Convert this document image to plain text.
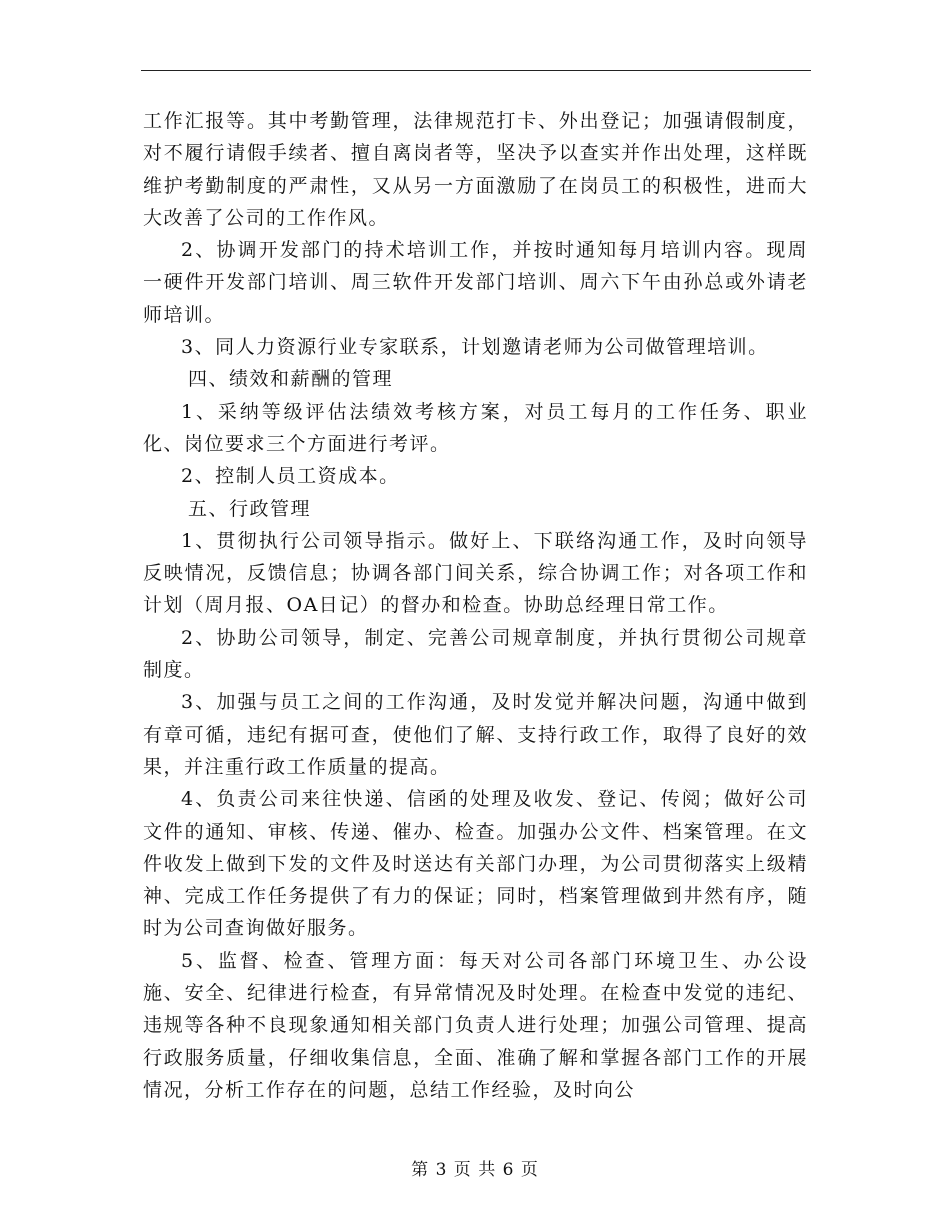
工作汇报等。其中考勤管理，法律规范打卡、外出登记；加强请假制度，对不履行请假手续者、擅自离岗者等，坚决予以查实并作出处理，这样既维护考勤制度的严肃性，又从另一方面激励了在岗员工的积极性，进而大大改善了公司的工作作风。

2、协调开发部门的持术培训工作，并按时通知每月培训内容。现周一硬件开发部门培训、周三软件开发部门培训、周六下午由孙总或外请老师培训。

3、同人力资源行业专家联系，计划邀请老师为公司做管理培训。

四、绩效和薪酬的管理

1、采纳等级评估法绩效考核方案，对员工每月的工作任务、职业化、岗位要求三个方面进行考评。

2、控制人员工资成本。

五、行政管理

1、贯彻执行公司领导指示。做好上、下联络沟通工作，及时向领导反映情况，反馈信息；协调各部门间关系，综合协调工作；对各项工作和计划（周月报、OA日记）的督办和检查。协助总经理日常工作。

2、协助公司领导，制定、完善公司规章制度，并执行贯彻公司规章制度。

3、加强与员工之间的工作沟通，及时发觉并解决问题，沟通中做到有章可循，违纪有据可查，使他们了解、支持行政工作，取得了良好的效果，并注重行政工作质量的提高。

4、负责公司来往快递、信函的处理及收发、登记、传阅；做好公司文件的通知、审核、传递、催办、检查。加强办公文件、档案管理。在文件收发上做到下发的文件及时送达有关部门办理，为公司贯彻落实上级精神、完成工作任务提供了有力的保证；同时，档案管理做到井然有序，随时为公司查询做好服务。

5、监督、检查、管理方面：每天对公司各部门环境卫生、办公设施、安全、纪律进行检查，有异常情况及时处理。在检查中发觉的违纪、违规等各种不良现象通知相关部门负责人进行处理；加强公司管理、提高行政服务质量，仔细收集信息，全面、准确了解和掌握各部门工作的开展情况，分析工作存在的问题，总结工作经验，及时向公

第 3 页 共 6 页
